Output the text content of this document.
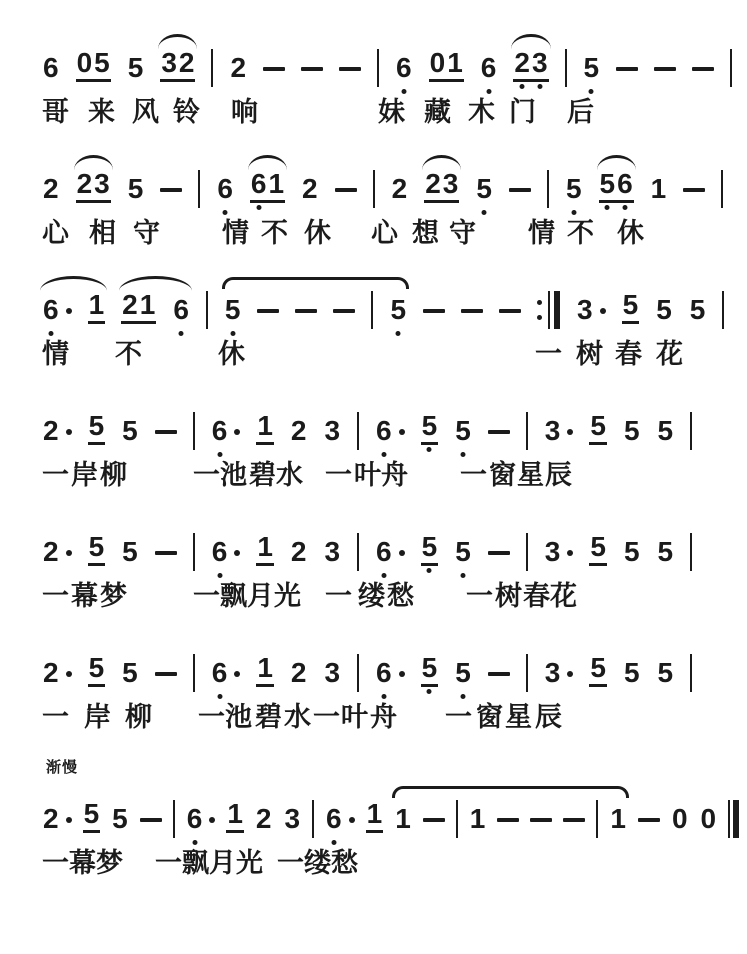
6 0 5 5 3 2 2	6 0 1 6 2 3 5
哥 来 风 铃 响	妹 藏 木 门 后
2 2 3 5	6 6 1 2	2 2 3 5	5 5 6 1
心 相 守 情 不 休 心 想 守 情 不 休
6 1 2 1 6 5	5	3 5 5 5
情 不	休	一 树 春 花
2 5 5	6 1 2 3 6 5 5	3 5 5 5
一 岸 柳 一 池 碧 水 一 叶 舟 一 窗 星 辰
2 5 5	6 1 2 3 6 5 5	3 5 5 5
一 幕 梦 一 飘 月 光 一 缕 愁 一 树 春 花
2 5 5	6 1 2 3 6 5 5	3 5 5 5
一 岸 柳 一 池 碧 水 一 叶 舟 一 窗 星 辰
渐慢
2 5 5 6 1 2 3 6 1 1 1	1 0 0
一 幕 梦 一 飘 月 光 一 缕 愁
